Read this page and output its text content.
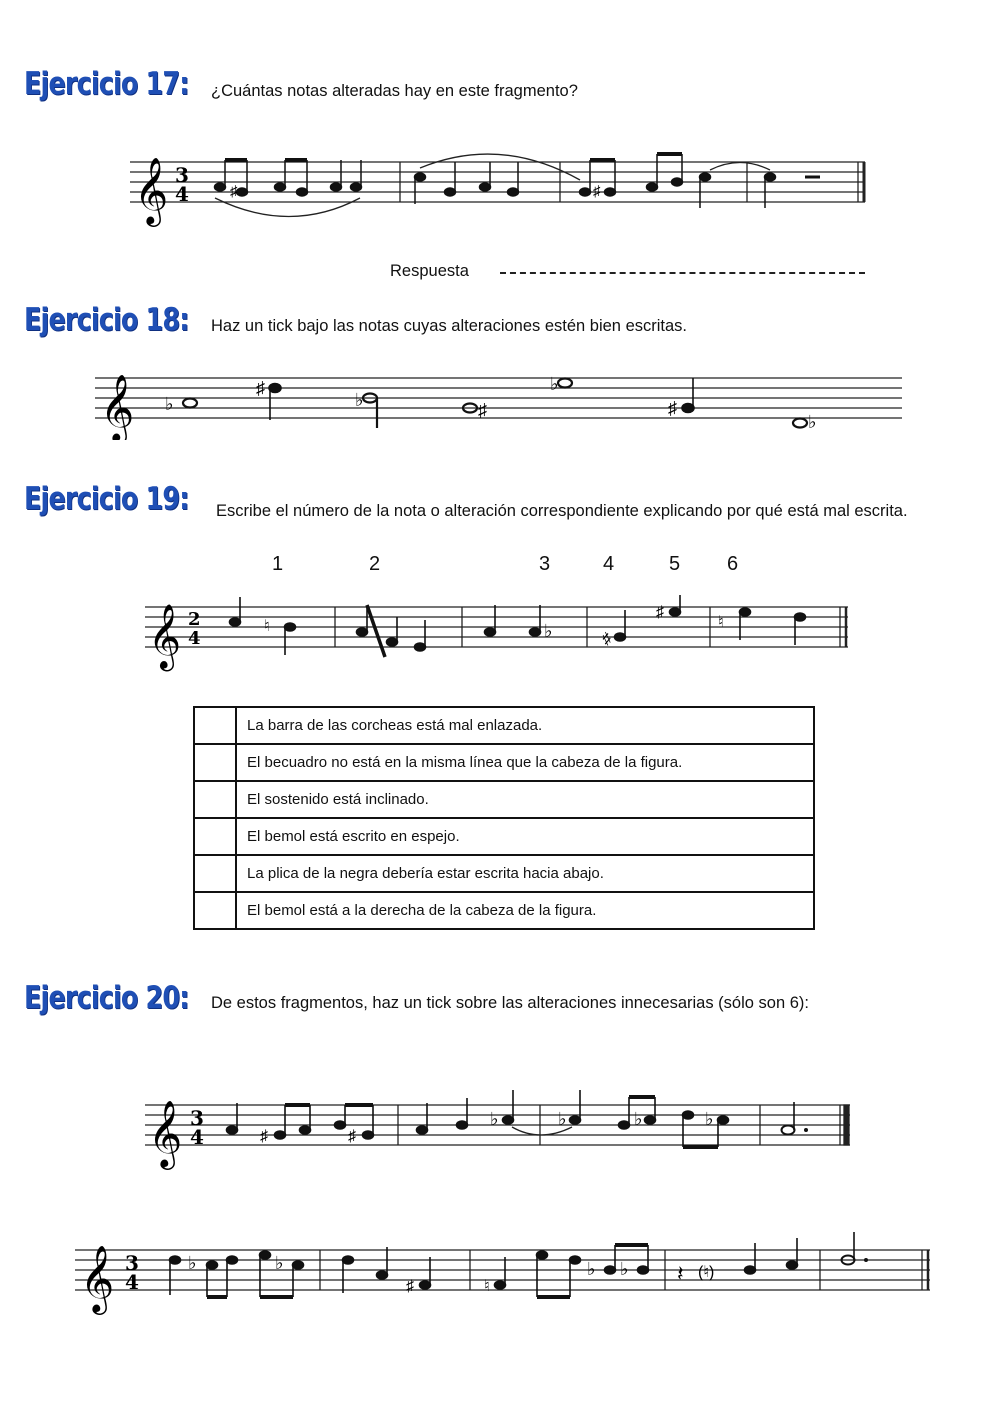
Ejercicio 17: ¿Cuántas notas alteradas hay en este fragmento?
𝄞 3
4	♯	♯
Respuesta
Ejercicio 18: Haz un tick bajo las notas cuyas alteraciones estén bien escritas.
𝄞 ♭
♯
♭	♯
♭
♯
♭
Ejercicio 19: Escribe el número de la nota o alteración correspondiente explicando por qué está mal escrita.
1	2	3	4	5 6
𝄞 2
4
♮	♭	♯
♯
♮
	La barra de las corcheas está mal enlazada.
	El becuadro no está en la misma línea que la cabeza de la figura.
	El sostenido está inclinado.
	El bemol está escrito en espejo.
	La plica de la negra debería estar escrita hacia abajo.
	El bemol está a la derecha de la cabeza de la figura.
Ejercicio 20: De estos fragmentos, haz un tick sobre las alteraciones innecesarias (sólo son 6):
𝄞 3
4	♯	♯
♭	♭	♭	♭
𝄞 3
4	𝄽 (♮)
♭	♭
♯	♮
♭ ♭
